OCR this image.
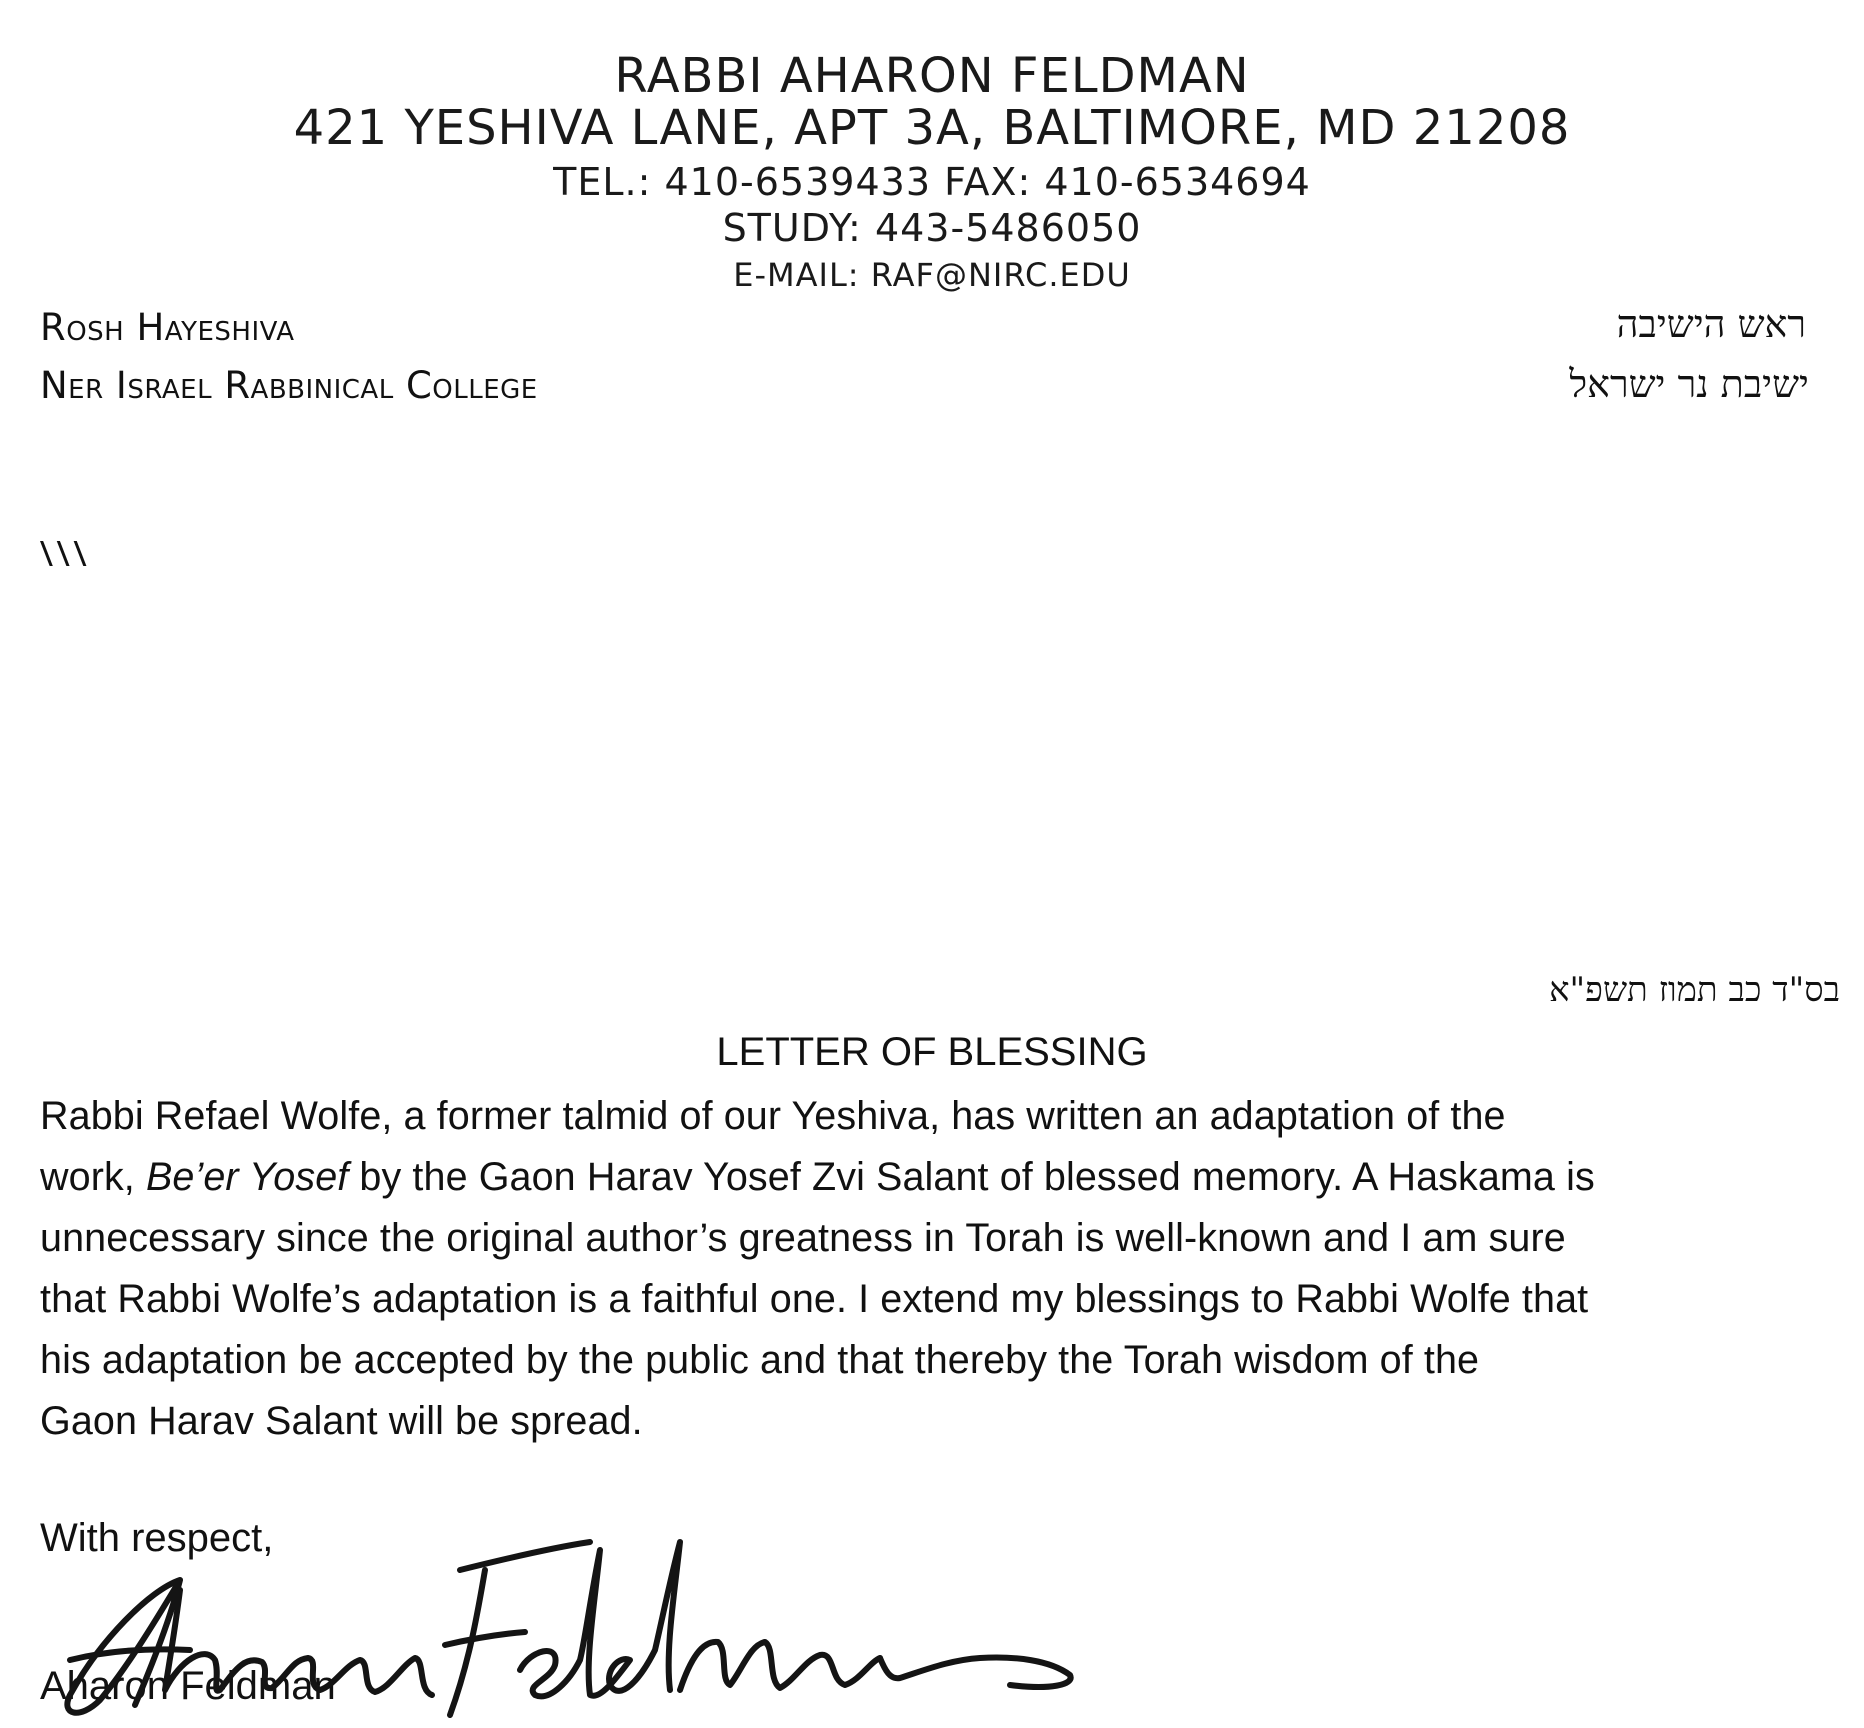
RABBI AHARON FELDMAN
421 YESHIVA LANE, APT 3A, BALTIMORE, MD 21208
TEL.: 410-6539433 FAX: 410-6534694
STUDY: 443-5486050
E-MAIL: RAF@NIRC.EDU
Rosh Hayeshiva
Ner Israel Rabbinical College
ראש הישיבה
ישיבת נר ישראל
\\\
בס"ד כב תמוז תשפ"א
LETTER OF BLESSING
Rabbi Refael Wolfe, a former talmid of our Yeshiva, has written an adaptation of the
work, Be’er Yosef by the Gaon Harav Yosef Zvi Salant of blessed memory. A Haskama is
unnecessary since the original author’s greatness in Torah is well-known and I am sure
that Rabbi Wolfe’s adaptation is a faithful one. I extend my blessings to Rabbi Wolfe that
his adaptation be accepted by the public and that thereby the Torah wisdom of the
Gaon Harav Salant will be spread.
With respect,
Aharon Feldman
